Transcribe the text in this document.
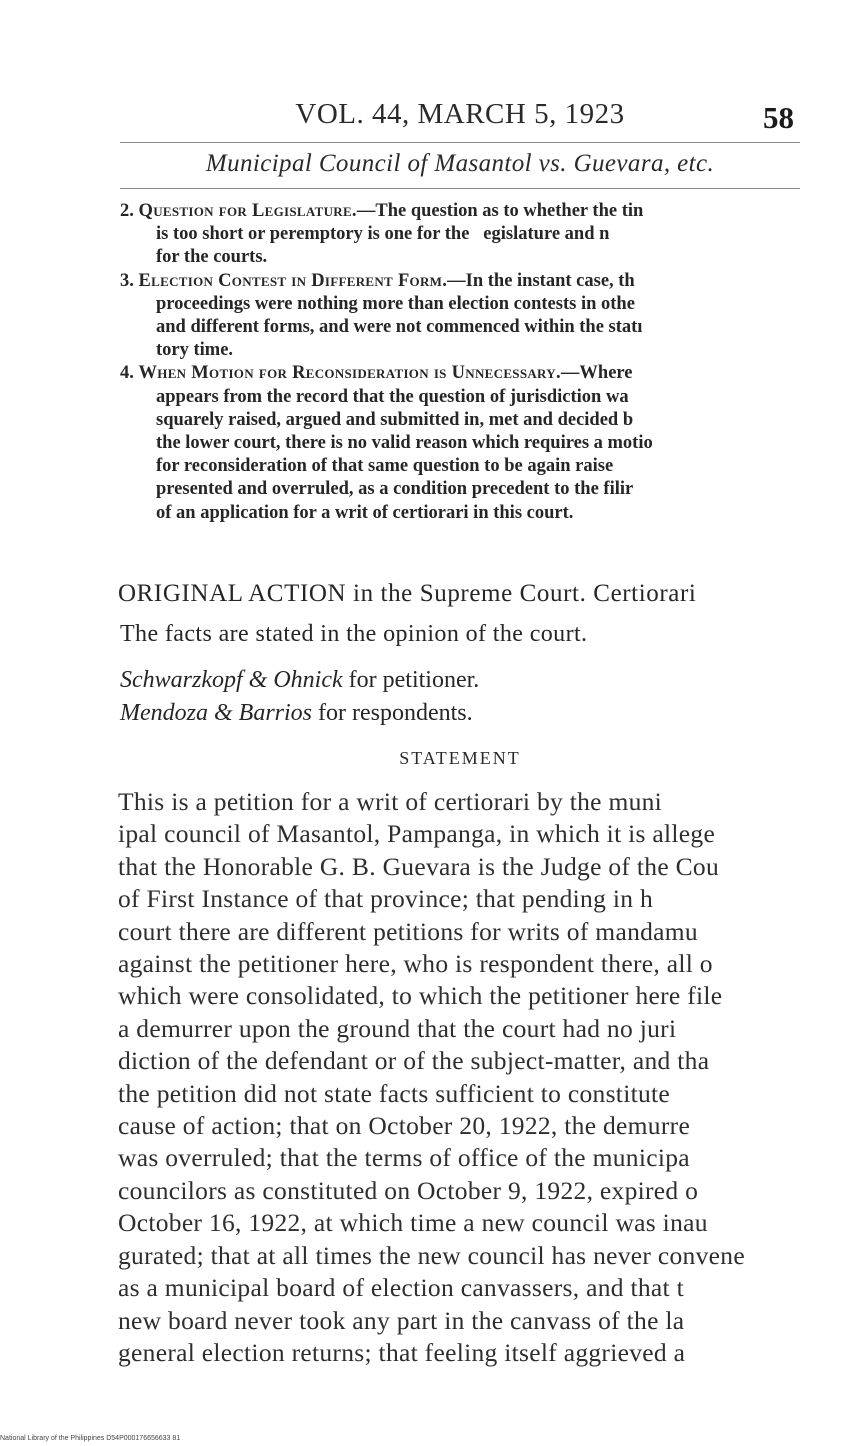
VOL. 44, MARCH 5, 1923	58
Municipal Council of Masantol vs. Guevara, etc.
2. Question for Legislature.—The question as to whether the tin
is too short or peremptory is one for the  egislature and n
for the courts.
3. Election Contest in Different Form.—In the instant case, th
proceedings were nothing more than election contests in othe
and different forms, and were not commenced within the statı
tory time.
4. When Motion for Reconsideration is Unnecessary.—Where
appears from the record that the question of jurisdiction wa
squarely raised, argued and submitted in, met and decided b
the lower court, there is no valid reason which requires a motio
for reconsideration of that same question to be again raise
presented and overruled, as a condition precedent to the filir
of an application for a writ of certiorari in this court.
ORIGINAL ACTION in the Supreme Court. Certiorari
The facts are stated in the opinion of the court.
Schwarzkopf & Ohnick for petitioner.
Mendoza & Barrios for respondents.
STATEMENT
This is a petition for a writ of certiorari by the muni
ipal council of Masantol, Pampanga, in which it is allege
that the Honorable G. B. Guevara is the Judge of the Cou
of First Instance of that province; that pending in h
court there are different petitions for writs of mandamu
against the petitioner here, who is respondent there, all o
which were consolidated, to which the petitioner here file
a demurrer upon the ground that the court had no juri
diction of the defendant or of the subject-matter, and tha
the petition did not state facts sufficient to constitute
cause of action; that on October 20, 1922, the demurre
was overruled; that the terms of office of the municipa
councilors as constituted on October 9, 1922, expired o
October 16, 1922, at which time a new council was inau
gurated; that at all times the new council has never convene
as a municipal board of election canvassers, and that t
new board never took any part in the canvass of the la
general election returns; that feeling itself aggrieved a
National Library of the Philippines D54P000176656633 81
